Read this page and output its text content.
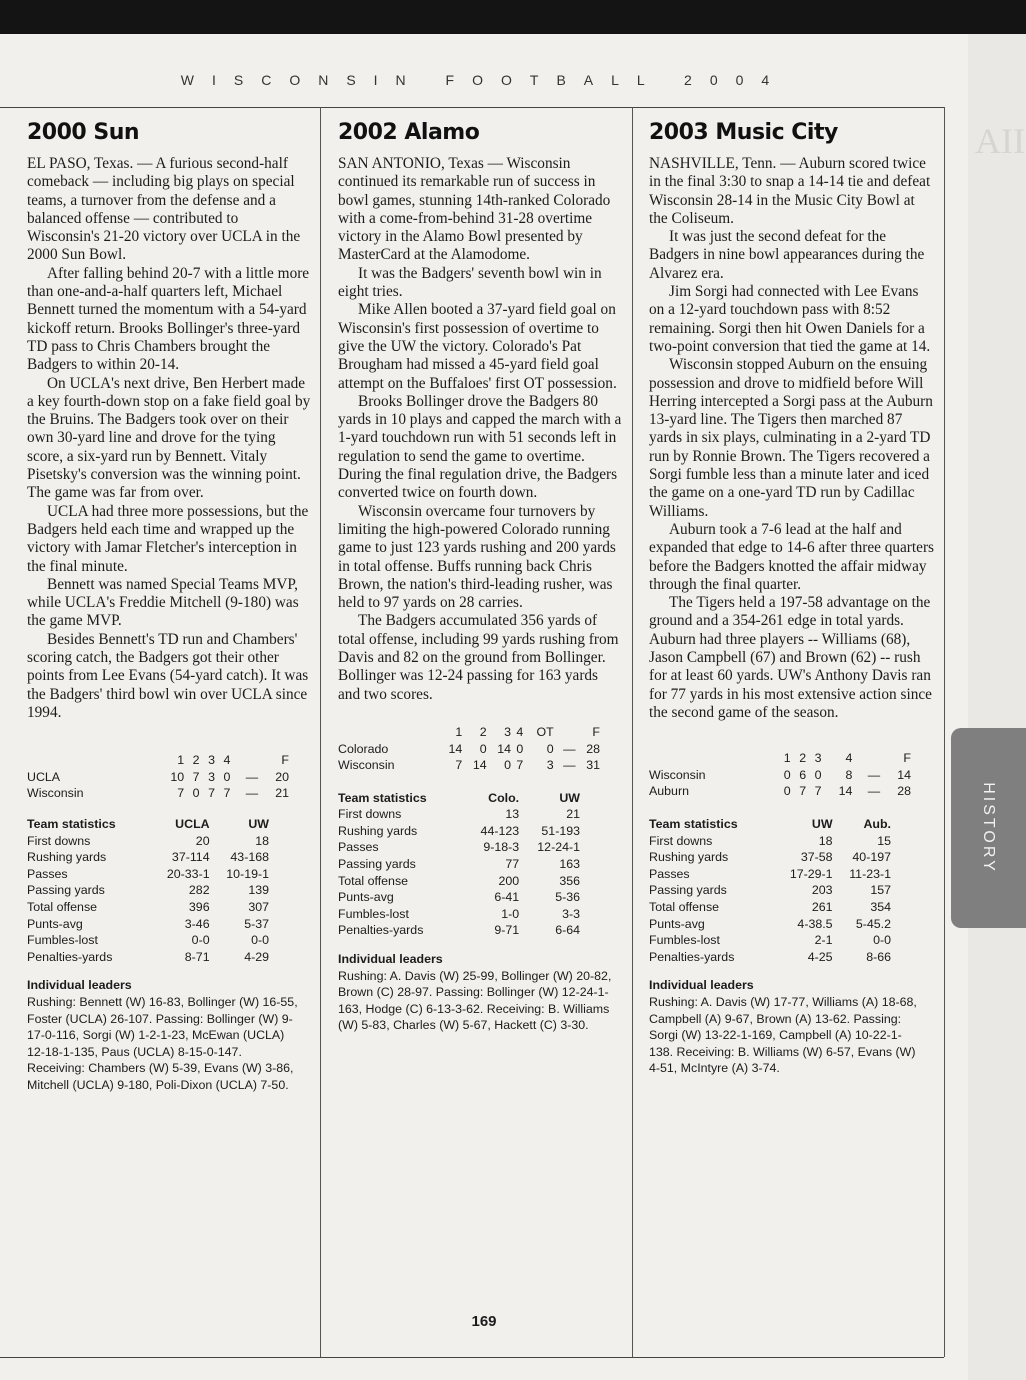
AII
WISCONSIN FOOTBALL 2004
2000 Sun

EL PASO, Texas. — A furious second-half comeback — including big plays on special teams, a turnover from the defense and a balanced offense — contributed to Wisconsin's 21-20 victory over UCLA in the 2000 Sun Bowl.

After falling behind 20-7 with a little more than one-and-a-half quarters left, Michael Bennett turned the momentum with a 54-yard kickoff return. Brooks Bollinger's three-yard TD pass to Chris Chambers brought the Badgers to within 20-14.

On UCLA's next drive, Ben Herbert made a key fourth-down stop on a fake field goal by the Bruins. The Badgers took over on their own 30-yard line and drove for the tying score, a six-yard run by Bennett. Vitaly Pisetsky's conversion was the winning point. The game was far from over.

UCLA had three more possessions, but the Badgers held each time and wrapped up the victory with Jamar Fletcher's interception in the final minute.

Bennett was named Special Teams MVP, while UCLA's Freddie Mitchell (9-180) was the game MVP.

Besides Bennett's TD run and Chambers' scoring catch, the Badgers got their other points from Lee Evans (54-yard catch). It was the Badgers' third bowl win over UCLA since 1994.

	1	2	3	4		F
UCLA	10	7	3	0	—	20
Wisconsin	7	0	7	7	—	21
Team statistics	UCLA	UW
First downs	20	18
Rushing yards	37-114	43-168
Passes	20-33-1	10-19-1
Passing yards	282	139
Total offense	396	307
Punts-avg	3-46	5-37
Fumbles-lost	0-0	0-0
Penalties-yards	8-71	4-29
Individual leaders
Rushing: Bennett (W) 16-83, Bollinger (W) 16-55, Foster (UCLA) 26-107. Passing: Bollinger (W) 9-17-0-116, Sorgi (W) 1-2-1-23, McEwan (UCLA) 12-18-1-135, Paus (UCLA) 8-15-0-147. Receiving: Chambers (W) 5-39, Evans (W) 3-86, Mitchell (UCLA) 9-180, Poli-Dixon (UCLA) 7-50.
2002 Alamo

SAN ANTONIO, Texas — Wisconsin continued its remarkable run of success in bowl games, stunning 14th-ranked Colorado with a come-from-behind 31-28 overtime victory in the Alamo Bowl presented by MasterCard at the Alamodome.

It was the Badgers' seventh bowl win in eight tries.

Mike Allen booted a 37-yard field goal on Wisconsin's first possession of overtime to give the UW the victory. Colorado's Pat Brougham had missed a 45-yard field goal attempt on the Buffaloes' first OT possession.

Brooks Bollinger drove the Badgers 80 yards in 10 plays and capped the march with a 1-yard touchdown run with 51 seconds left in regulation to send the game to overtime. During the final regulation drive, the Badgers converted twice on fourth down.

Wisconsin overcame four turnovers by limiting the high-powered Colorado running game to just 123 yards rushing and 200 yards in total offense. Buffs running back Chris Brown, the nation's third-leading rusher, was held to 97 yards on 28 carries.

The Badgers accumulated 356 yards of total offense, including 99 yards rushing from Davis and 82 on the ground from Bollinger. Bollinger was 12-24 passing for 163 yards and two scores.

	1	2	3	4	OT		F
Colorado	14	0	14	0	0	—	28
Wisconsin	7	14	0	7	3	—	31
Team statistics	Colo.	UW
First downs	13	21
Rushing yards	44-123	51-193
Passes	9-18-3	12-24-1
Passing yards	77	163
Total offense	200	356
Punts-avg	6-41	5-36
Fumbles-lost	1-0	3-3
Penalties-yards	9-71	6-64
Individual leaders
Rushing: A. Davis (W) 25-99, Bollinger (W) 20-82, Brown (C) 28-97. Passing: Bollinger (W) 12-24-1-163, Hodge (C) 6-13-3-62. Receiving: B. Williams (W) 5-83, Charles (W) 5-67, Hackett (C) 3-30.
2003 Music City

NASHVILLE, Tenn. — Auburn scored twice in the final 3:30 to snap a 14-14 tie and defeat Wisconsin 28-14 in the Music City Bowl at the Coliseum.

It was just the second defeat for the Badgers in nine bowl appearances during the Alvarez era.

Jim Sorgi had connected with Lee Evans on a 12-yard touchdown pass with 8:52 remaining. Sorgi then hit Owen Daniels for a two-point conversion that tied the game at 14.

Wisconsin stopped Auburn on the ensuing possession and drove to midfield before Will Herring intercepted a Sorgi pass at the Auburn 13-yard line. The Tigers then marched 87 yards in six plays, culminating in a 2-yard TD run by Ronnie Brown. The Tigers recovered a Sorgi fumble less than a minute later and iced the game on a one-yard TD run by Cadillac Williams.

Auburn took a 7-6 lead at the half and expanded that edge to 14-6 after three quarters before the Badgers knotted the affair midway through the final quarter.

The Tigers held a 197-58 advantage on the ground and a 354-261 edge in total yards. Auburn had three players -- Williams (68), Jason Campbell (67) and Brown (62) -- rush for at least 60 yards. UW's Anthony Davis ran for 77 yards in his most extensive action since the second game of the season.

	1	2	3	4		F
Wisconsin	0	6	0	8	—	14
Auburn	0	7	7	14	—	28
Team statistics	UW	Aub.
First downs	18	15
Rushing yards	37-58	40-197
Passes	17-29-1	11-23-1
Passing yards	203	157
Total offense	261	354
Punts-avg	4-38.5	5-45.2
Fumbles-lost	2-1	0-0
Penalties-yards	4-25	8-66
Individual leaders
Rushing: A. Davis (W) 17-77, Williams (A) 18-68, Campbell (A) 9-67, Brown (A) 13-62. Passing: Sorgi (W) 13-22-1-169, Campbell (A) 10-22-1-138. Receiving: B. Williams (W) 6-57, Evans (W) 4-51, McIntyre (A) 3-74.
169
HISTORY
